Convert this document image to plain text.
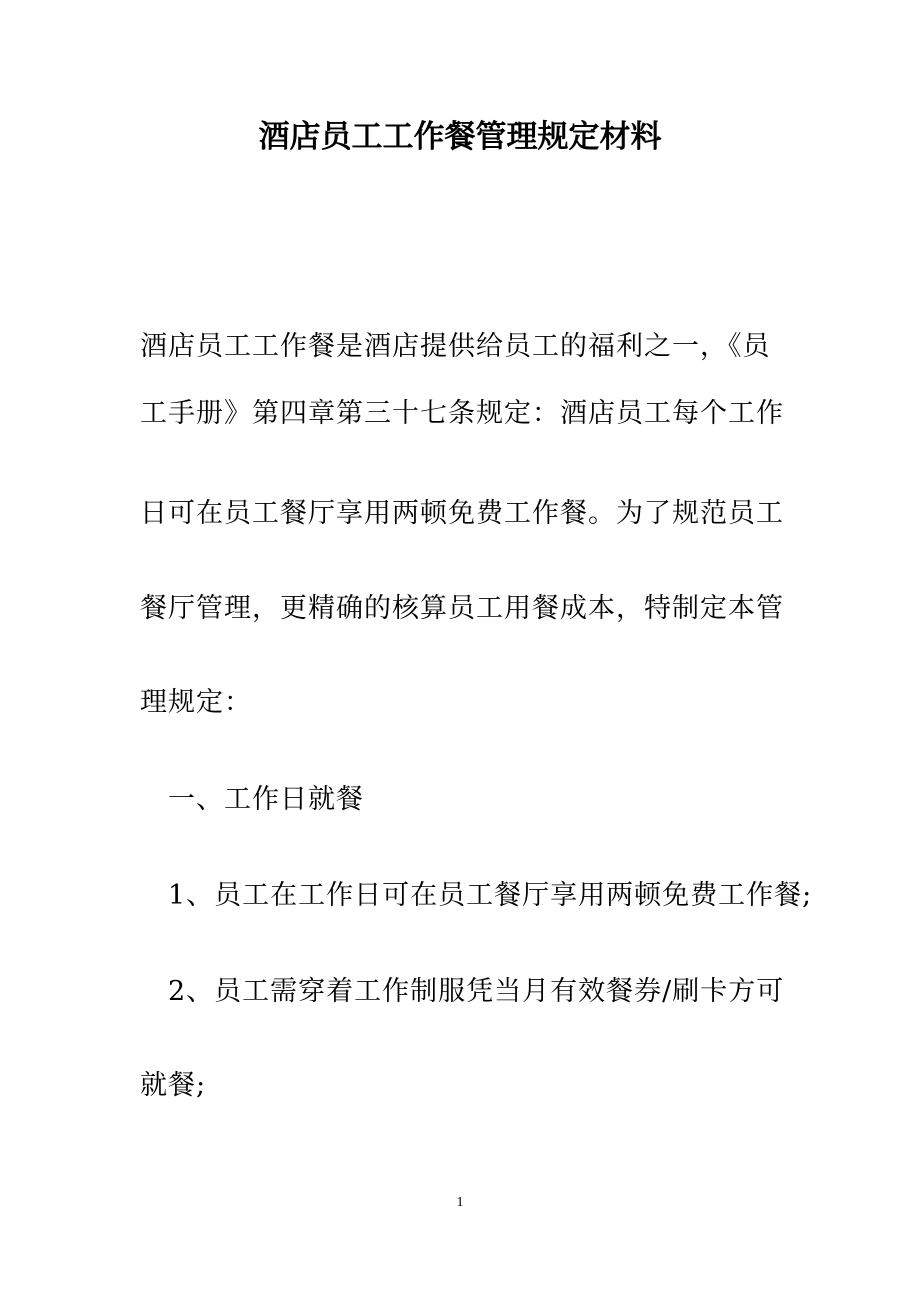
酒店员工工作餐管理规定材料
酒店员工工作餐是酒店提供给员工的福利之一，《员
工手册》第四章第三十七条规定：酒店员工每个工作
日可在员工餐厅享用两顿免费工作餐。为了规范员工
餐厅管理，更精确的核算员工用餐成本，特制定本管
理规定：
一、工作日就餐
1、员工在工作日可在员工餐厅享用两顿免费工作餐;
2、员工需穿着工作制服凭当月有效餐券/刷卡方可
就餐;
1
